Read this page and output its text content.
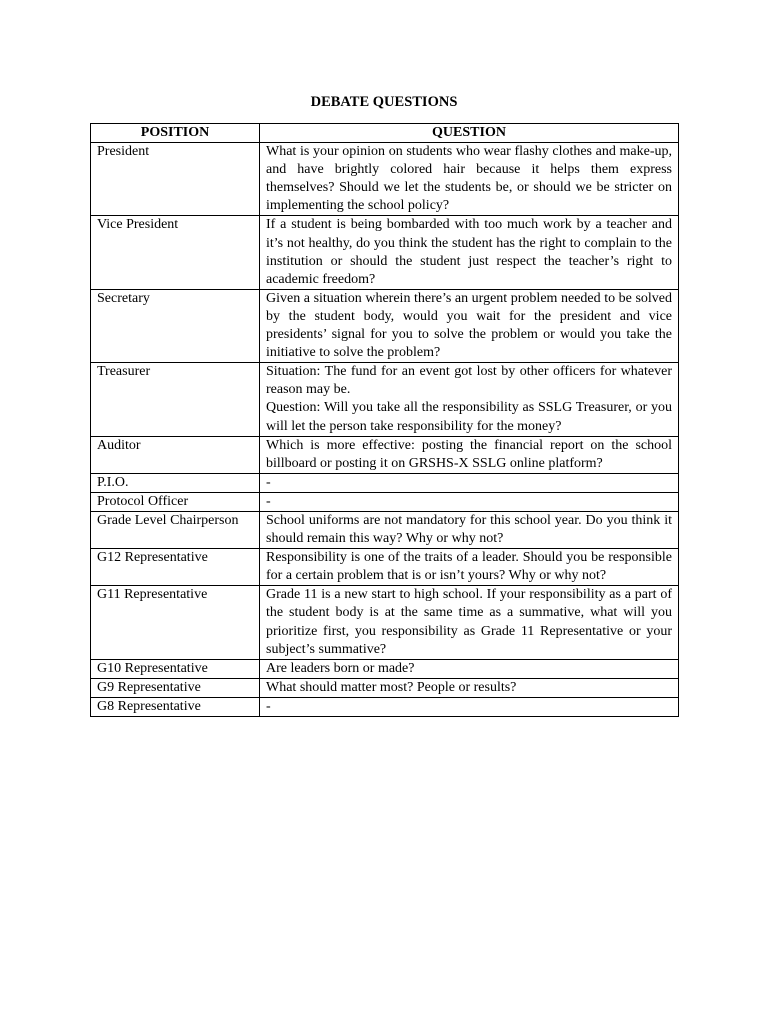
DEBATE QUESTIONS
POSITION	QUESTION
President	What is your opinion on students who wear flashy clothes and make-up, and have brightly colored hair because it helps them express themselves? Should we let the students be, or should we be stricter on implementing the school policy?

Vice President	If a student is being bombarded with too much work by a teacher and it’s not healthy, do you think the student has the right to complain to the institution or should the student just respect the teacher’s right to academic freedom?

Secretary	Given a situation wherein there’s an urgent problem needed to be solved by the student body, would you wait for the president and vice presidents’ signal for you to solve the problem or would you take the initiative to solve the problem?

Treasurer	Situation: The fund for an event got lost by other officers for whatever reason may be.
Question: Will you take all the responsibility as SSLG Treasurer, or you will let the person take responsibility for the money?

Auditor	Which is more effective: posting the financial report on the school billboard or posting it on GRSHS-X SSLG online platform?

P.I.O.	-

Protocol Officer	-

Grade Level Chairperson	School uniforms are not mandatory for this school year. Do you think it should remain this way? Why or why not?

G12 Representative	Responsibility is one of the traits of a leader. Should you be responsible for a certain problem that is or isn’t yours? Why or why not?

G11 Representative	Grade 11 is a new start to high school. If your responsibility as a part of the student body is at the same time as a summative, what will you prioritize first, you responsibility as Grade 11 Representative or your subject’s summative?

G10 Representative	Are leaders born or made?

G9 Representative	What should matter most? People or results?

G8 Representative	-
